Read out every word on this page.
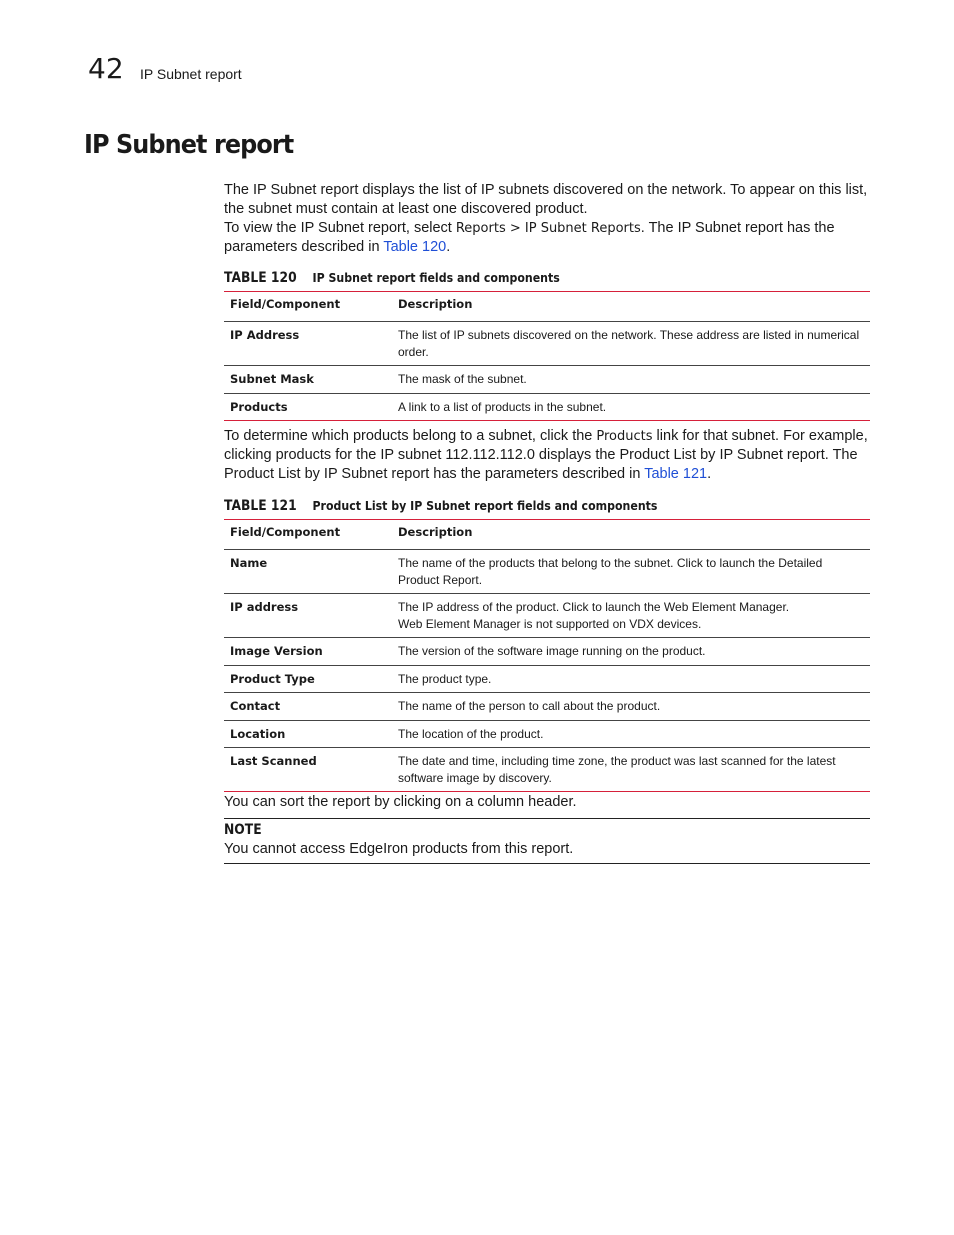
42 IP Subnet report
IP Subnet report

The IP Subnet report displays the list of IP subnets discovered on the network. To appear on this list, the subnet must contain at least one discovered product.

To view the IP Subnet report, select Reports > IP Subnet Reports. The IP Subnet report has the parameters described in Table 120.

TABLE 120 IP Subnet report fields and components
Field/Component	Description
IP Address	The list of IP subnets discovered on the network. These address are listed in numerical order.
Subnet Mask	The mask of the subnet.
Products	A link to a list of products in the subnet.

To determine which products belong to a subnet, click the Products link for that subnet. For example, clicking products for the IP subnet 112.112.112.0 displays the Product List by IP Subnet report. The Product List by IP Subnet report has the parameters described in Table 121.

TABLE 121 Product List by IP Subnet report fields and components
Field/Component	Description
Name	The name of the products that belong to the subnet. Click to launch the Detailed Product Report.
IP address	The IP address of the product. Click to launch the Web Element Manager.
Web Element Manager is not supported on VDX devices.

Image Version	The version of the software image running on the product.
Product Type	The product type.
Contact	The name of the person to call about the product.
Location	The location of the product.
Last Scanned	The date and time, including time zone, the product was last scanned for the latest software image by discovery.

You can sort the report by clicking on a column header.

NOTE

You cannot access EdgeIron products from this report.
